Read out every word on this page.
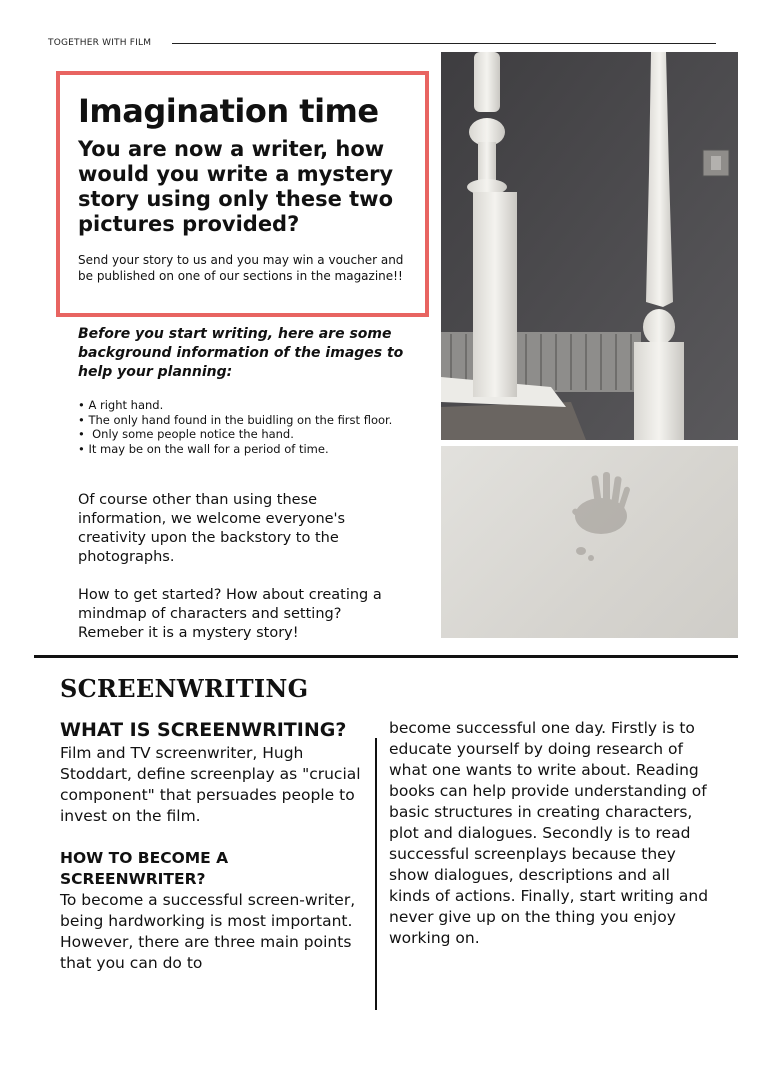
TOGETHER WITH FILM
Imagination time
You are now a writer, how would you write a mystery story using only these two pictures provided?
Send your story to us and you may win a voucher and be published on one of our sections in the magazine!!
Before you start writing, here are some background information of the images to help your planning:
• A right hand.
• The only hand found in the buidling on the first floor.
•  Only some people notice the hand.
• It may be on the wall for a period of time.
Of course other than using these information, we welcome everyone's creativity upon the backstory to the photographs.
How to get started? How about creating a mindmap of characters and setting? Remeber it is a mystery story!
SCREENWRITING
WHAT IS SCREENWRITING?

Film and TV screenwriter, Hugh Stoddart, define screenplay as "crucial component" that persuades people to invest on the film.

HOW TO BECOME A SCREENWRITER?

To become a successful screen-writer, being hardworking is most important. However, there are three main points that you can do to

become successful one day. Firstly is to educate yourself by doing research of what one wants to write about. Reading books can help provide understanding of basic structures in creating characters, plot and dialogues. Secondly is to read successful screenplays because they show dialogues, descriptions and all kinds of actions. Finally, start writing and never give up on the thing you enjoy working on.
